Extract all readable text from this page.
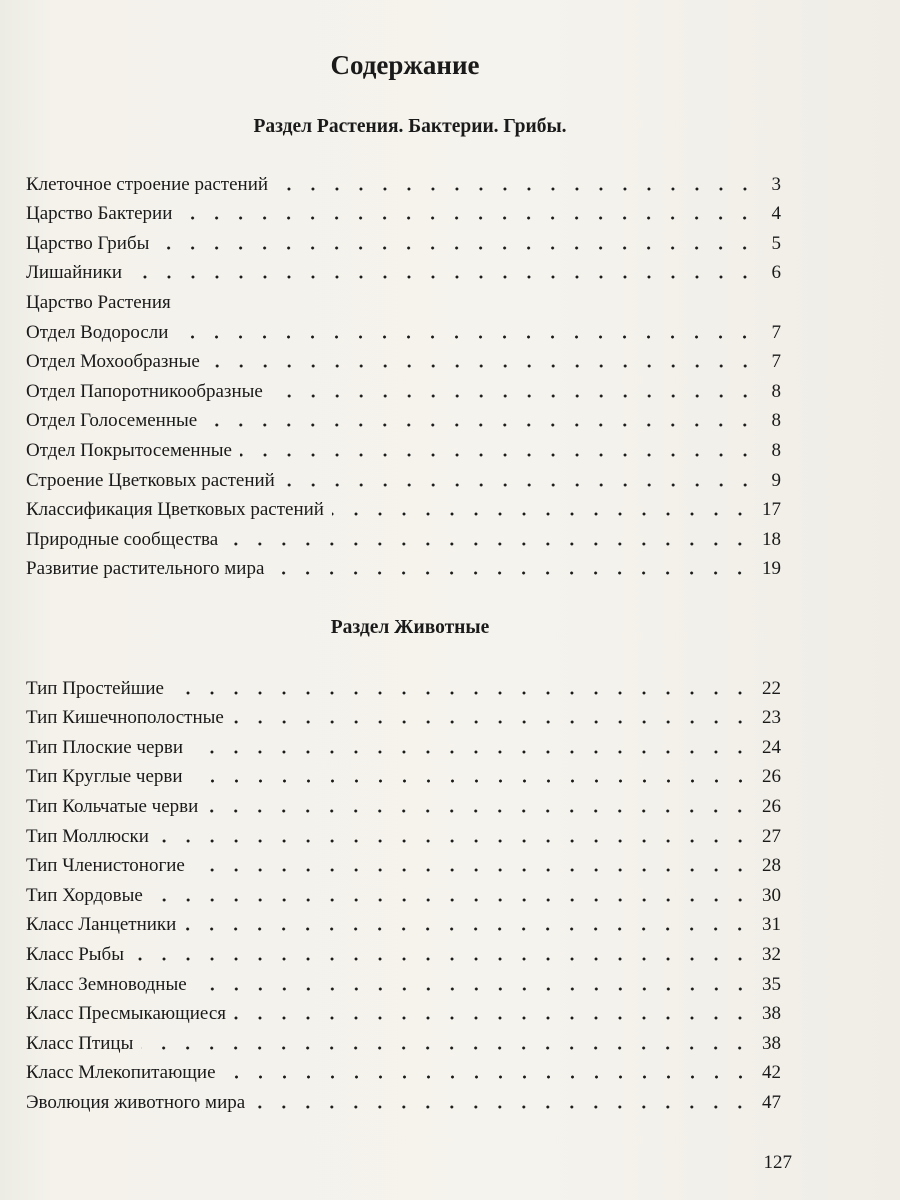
Содержание
Раздел Растения. Бактерии. Грибы.
Клеточное строение растений	3
Царство Бактерии	4
Царство Грибы	5
Лишайники	6
Царство Растения
Отдел Водоросли	7
Отдел Мохообразные	7
Отдел Папоротникообразные	8
Отдел Голосеменные	8
Отдел Покрытосеменные	8
Строение Цветковых растений	9
Классификация Цветковых растений	17
Природные сообщества	18
Развитие растительного мира	19
Раздел Животные
Тип Простейшие	22
Тип Кишечнополостные	23
Тип Плоские черви	24
Тип Круглые черви	26
Тип Кольчатые черви	26
Тип Моллюски	27
Тип Членистоногие	28
Тип Хордовые	30
Класс Ланцетники	31
Класс Рыбы	32
Класс Земноводные	35
Класс Пресмыкающиеся	38
Класс Птицы	38
Класс Млекопитающие	42
Эволюция животного мира	47
127
